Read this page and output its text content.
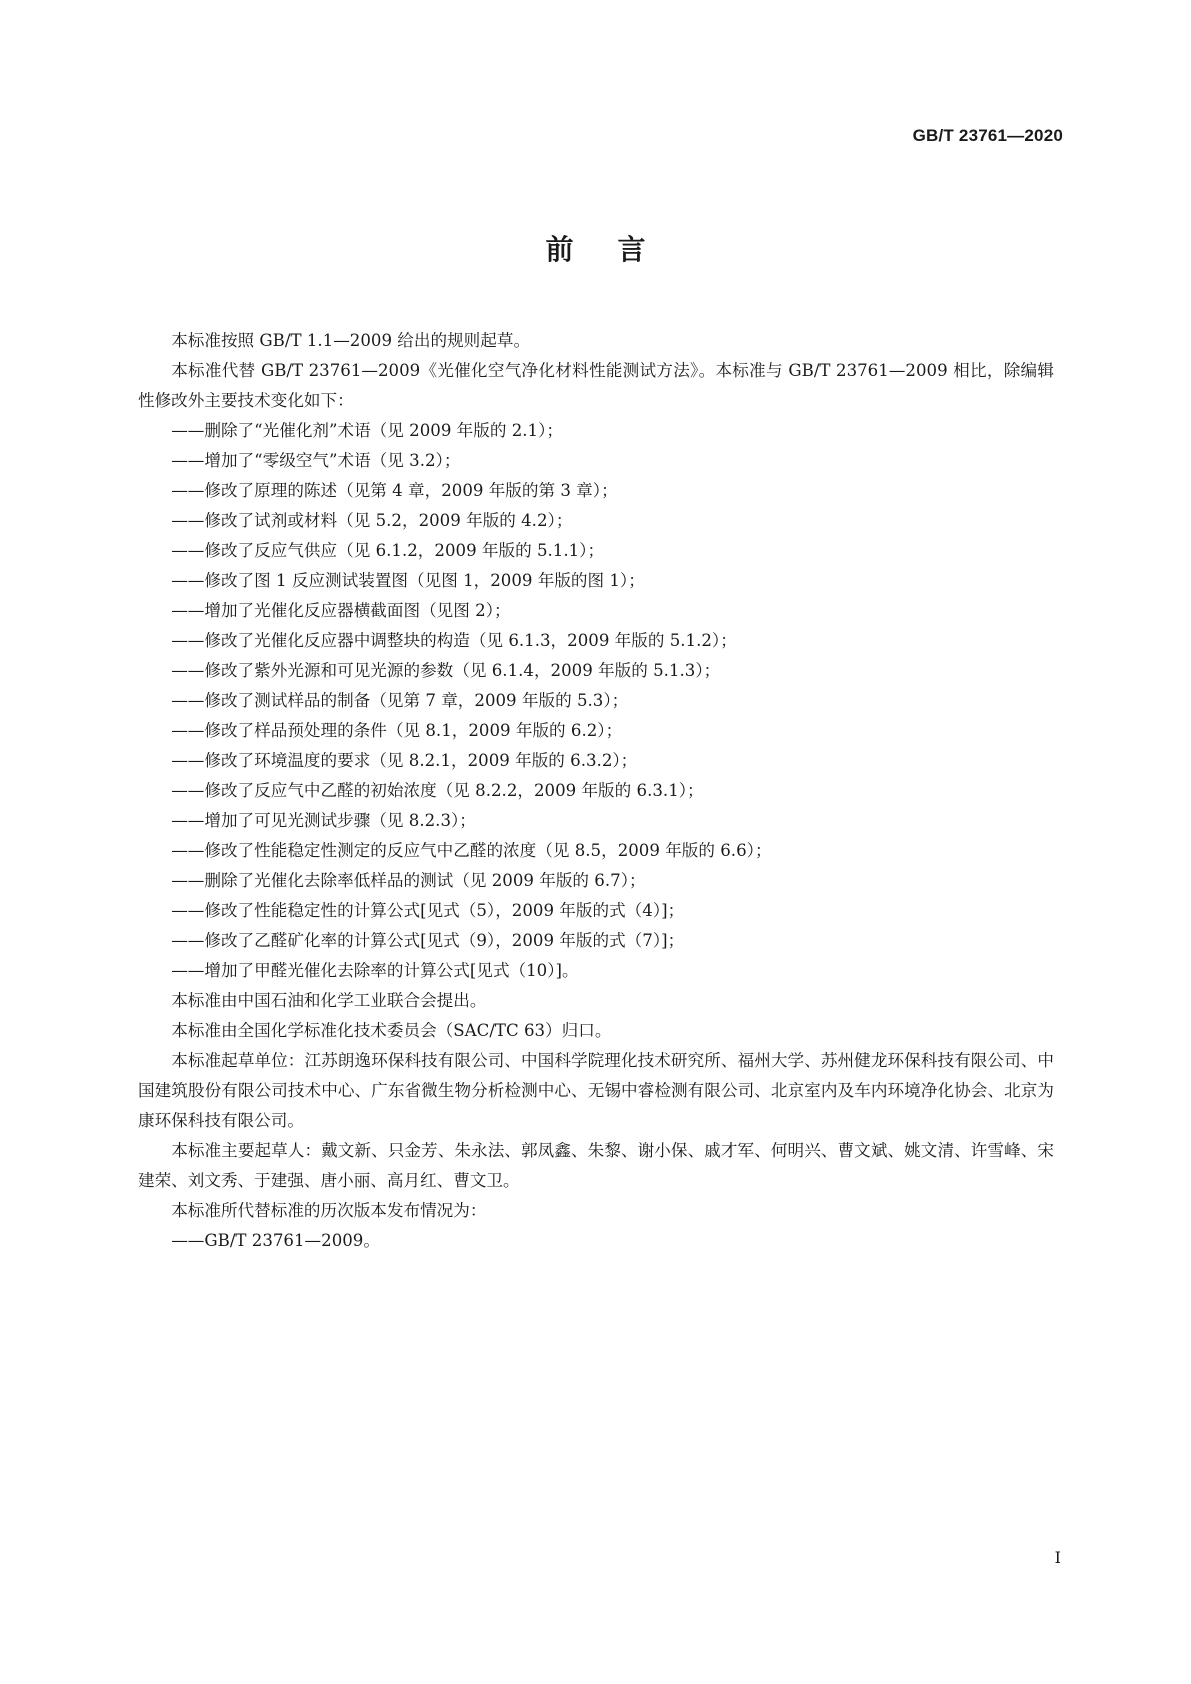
GB/T 23761—2020
前言

本标准按照 GB/T 1.1—2009 给出的规则起草。

本标准代替 GB/T 23761—2009《光催化空气净化材料性能测试方法》。本标准与 GB/T 23761—2009 相比，除编辑性修改外主要技术变化如下：

——删除了“光催化剂”术语（见 2009 年版的 2.1）；

——增加了“零级空气”术语（见 3.2）；

——修改了原理的陈述（见第 4 章，2009 年版的第 3 章）；

——修改了试剂或材料（见 5.2，2009 年版的 4.2）；

——修改了反应气供应（见 6.1.2，2009 年版的 5.1.1）；

——修改了图 1 反应测试装置图（见图 1，2009 年版的图 1）；

——增加了光催化反应器横截面图（见图 2）；

——修改了光催化反应器中调整块的构造（见 6.1.3，2009 年版的 5.1.2）；

——修改了紫外光源和可见光源的参数（见 6.1.4，2009 年版的 5.1.3）；

——修改了测试样品的制备（见第 7 章，2009 年版的 5.3）；

——修改了样品预处理的条件（见 8.1，2009 年版的 6.2）；

——修改了环境温度的要求（见 8.2.1，2009 年版的 6.3.2）；

——修改了反应气中乙醛的初始浓度（见 8.2.2，2009 年版的 6.3.1）；

——增加了可见光测试步骤（见 8.2.3）；

——修改了性能稳定性测定的反应气中乙醛的浓度（见 8.5，2009 年版的 6.6）；

——删除了光催化去除率低样品的测试（见 2009 年版的 6.7）；

——修改了性能稳定性的计算公式[见式（5），2009 年版的式（4）]；

——修改了乙醛矿化率的计算公式[见式（9），2009 年版的式（7）]；

——增加了甲醛光催化去除率的计算公式[见式（10）]。

本标准由中国石油和化学工业联合会提出。

本标准由全国化学标准化技术委员会（SAC/TC 63）归口。

本标准起草单位：江苏朗逸环保科技有限公司、中国科学院理化技术研究所、福州大学、苏州健龙环保科技有限公司、中国建筑股份有限公司技术中心、广东省微生物分析检测中心、无锡中睿检测有限公司、北京室内及车内环境净化协会、北京为康环保科技有限公司。

本标准主要起草人：戴文新、只金芳、朱永法、郭凤鑫、朱黎、谢小保、戚才军、何明兴、曹文斌、姚文清、许雪峰、宋建荣、刘文秀、于建强、唐小丽、高月红、曹文卫。

本标准所代替标准的历次版本发布情况为：

——GB/T 23761—2009。

I
